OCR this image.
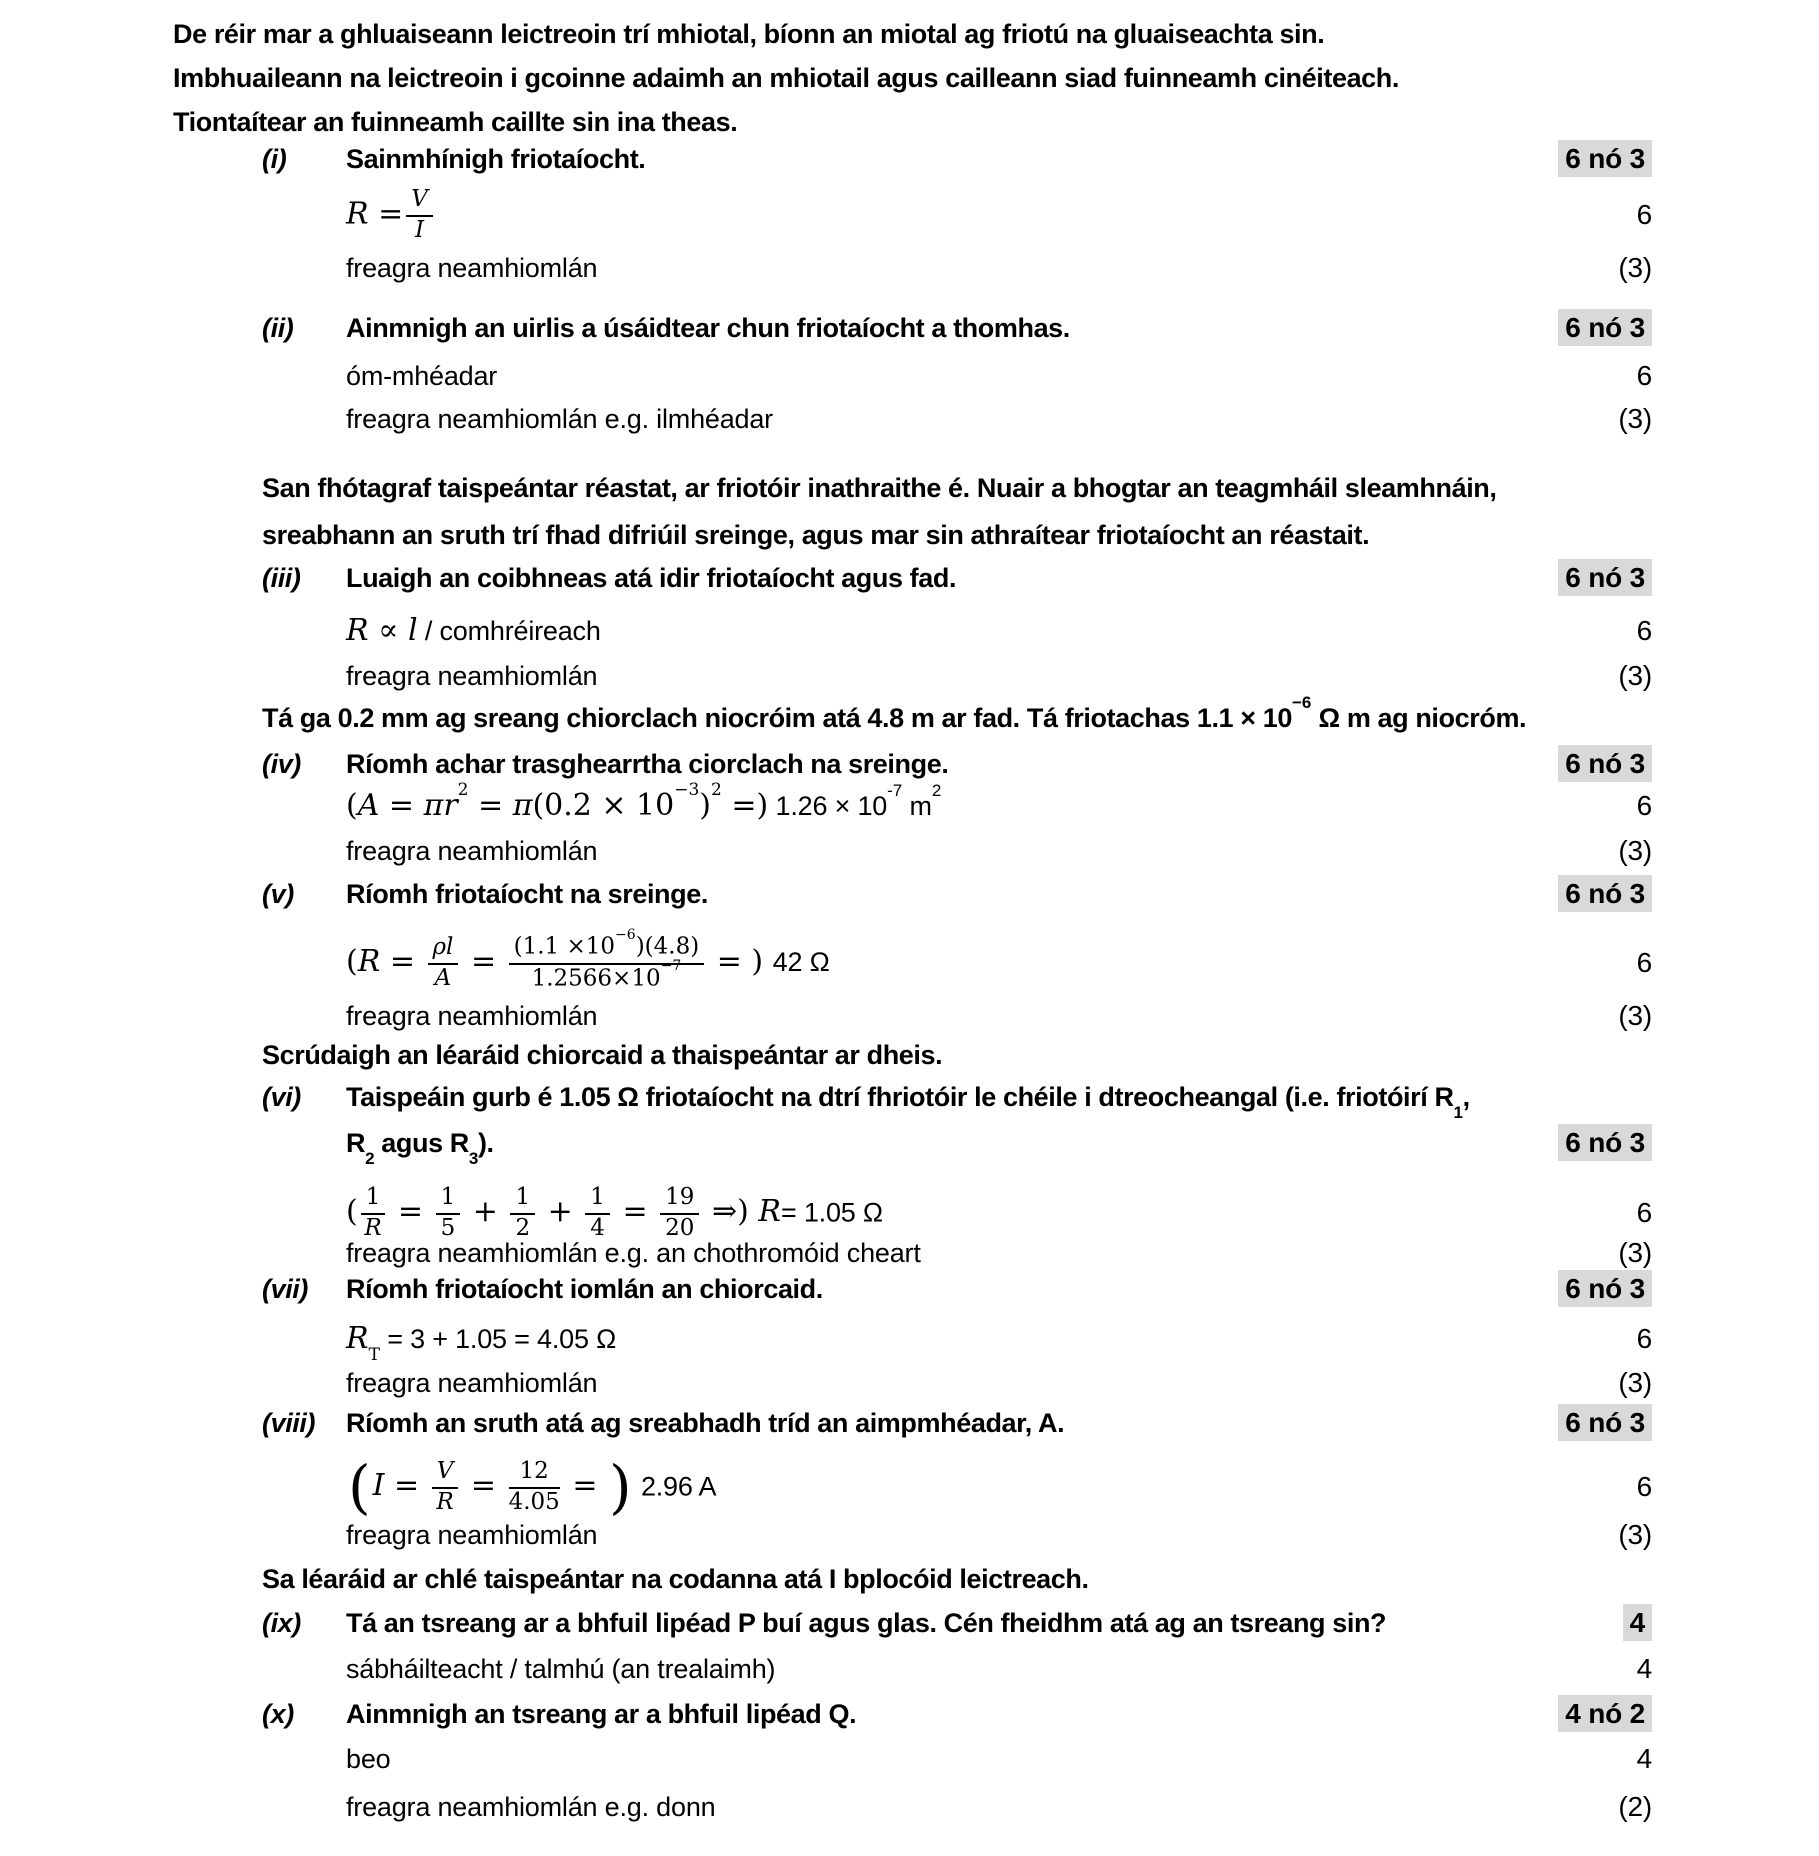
De réir mar a ghluaiseann leictreoin trí mhiotal, bíonn an miotal ag friotú na gluaiseachta sin.
Imbhuaileann na leictreoin i gcoinne adaimh an mhiotail agus cailleann siad fuinneamh cinéiteach.
Tiontaítear an fuinneamh caillte sin ina theas.
(i)	Sainmhínigh friotaíocht.	6 nó 3
$R = \frac{V}{I}$	6
freagra neamhiomlán	(3)
(ii)	Ainmnigh an uirlis a úsáidtear chun friotaíocht a thomhas.	6 nó 3
óm-mhéadar	6
freagra neamhiomlán e.g. ilmhéadar	(3)
San fhótagraf taispeántar réastat, ar friotóir inathraithe é. Nuair a bhogtar an teagmháil sleamhnáin,
sreabhann an sruth trí fhad difriúil sreinge, agus mar sin athraítear friotaíocht an réastait.
(iii)	Luaigh an coibhneas atá idir friotaíocht agus fad.	6 nó 3
R ∝ l / comhréireach	6
freagra neamhiomlán	(3)
Tá ga 0.2 mm ag sreang chiorclach niocróim atá 4.8 m ar fad. Tá friotachas $1.1 \times 10^{-6}$ Ω m ag niocróm.
(iv)	Ríomh achar trasghearrtha ciorclach na sreinge.	6 nó 3
($A = \pi r^2 = \pi(0.2 \times 10^{-3})^2$ =) $1.26 \times 10^{-7}$ $m^2$	6
freagra neamhiomlán	(3)
(v)	Ríomh friotaíocht na sreinge.	6 nó 3
($R = \frac{\rho l}{A} = \frac{(1.1 \times 10^{-6})(4.8)}{1.2566\times 10^{-7}}$ = ) 42 Ω	6
freagra neamhiomlán	(3)
Scrúdaigh an léaráid chiorcaid a thaispeántar ar dheis.
(vi)	Taispeáin gurb é 1.05 Ω friotaíocht na dtrí fhriotóir le chéile i dtreocheangal (i.e. friotóirí $R_1$,
$R_2$ agus $R_3$).	6 nó 3
( $\frac{1}{R} = \frac{1}{5} + \frac{1}{2} + \frac{1}{4} = \frac{19}{20}$ ⇒) R= 1.05 Ω	6
freagra neamhiomlán e.g. an chothromóid cheart	(3)
(vii)	Ríomh friotaíocht iomlán an chiorcaid.	6 nó 3
$R_T = 3 + 1.05 = 4.05$ Ω	6
freagra neamhiomlán	(3)
(viii)	Ríomh an sruth atá ag sreabhadh tríd an aimpmhéadar, A.	6 nó 3
($I = \frac{V}{R} = \frac{12}{4.05}$ = ) 2.96 A	6
freagra neamhiomlán	(3)
Sa léaráid ar chlé taispeántar na codanna atá I bplocóid leictreach.
(ix)	Tá an tsreang ar a bhfuil lipéad P buí agus glas. Cén fheidhm atá ag an tsreang sin?	4
sábháilteacht / talmhú (an trealaimh)	4
(x)	Ainmnigh an tsreang ar a bhfuil lipéad Q.	4 nó 2
beo	4
freagra neamhiomlán e.g. donn	(2)
